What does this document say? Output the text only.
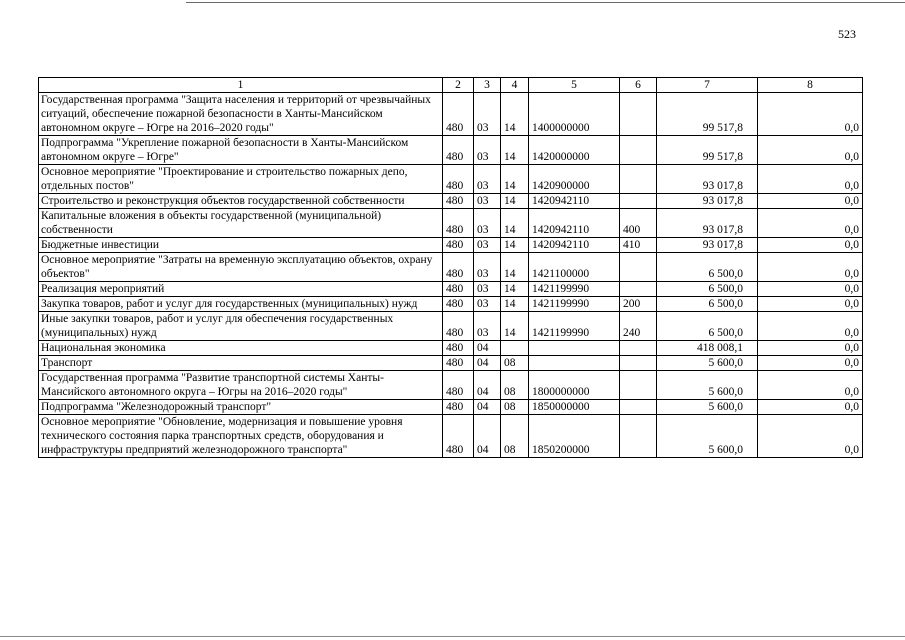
523
1	2	3	4	5	6	7	8
Государственная программа "Защита населения и территорий от чрезвычайных ситуаций, обеспечение пожарной безопасности в Ханты-Мансийском автономном округе – Югре на 2016–2020 годы"	480	03	14	1400000000		99 517,8	0,0
Подпрограмма "Укрепление пожарной безопасности в Ханты-Мансийском автономном округе – Югре"	480	03	14	1420000000		99 517,8	0,0
Основное мероприятие "Проектирование и строительство пожарных депо, отдельных постов"	480	03	14	1420900000		93 017,8	0,0
Строительство и реконструкция объектов государственной собственности	480	03	14	1420942110		93 017,8	0,0
Капитальные вложения в объекты государственной (муниципальной) собственности	480	03	14	1420942110	400	93 017,8	0,0
Бюджетные инвестиции	480	03	14	1420942110	410	93 017,8	0,0
Основное мероприятие "Затраты на временную эксплуатацию объектов, охрану объектов"	480	03	14	1421100000		6 500,0	0,0
Реализация мероприятий	480	03	14	1421199990		6 500,0	0,0
Закупка товаров, работ и услуг для государственных (муниципальных) нужд	480	03	14	1421199990	200	6 500,0	0,0
Иные закупки товаров, работ и услуг для обеспечения государственных (муниципальных) нужд	480	03	14	1421199990	240	6 500,0	0,0
Национальная экономика	480	04				418 008,1	0,0
Транспорт	480	04	08			5 600,0	0,0
Государственная программа "Развитие транспортной системы Ханты-Мансийского автономного округа – Югры на 2016–2020 годы"	480	04	08	1800000000		5 600,0	0,0
Подпрограмма "Железнодорожный транспорт"	480	04	08	1850000000		5 600,0	0,0
Основное мероприятие "Обновление, модернизация и повышение уровня технического состояния парка транспортных средств, оборудования и инфраструктуры предприятий железнодорожного транспорта"	480	04	08	1850200000		5 600,0	0,0
